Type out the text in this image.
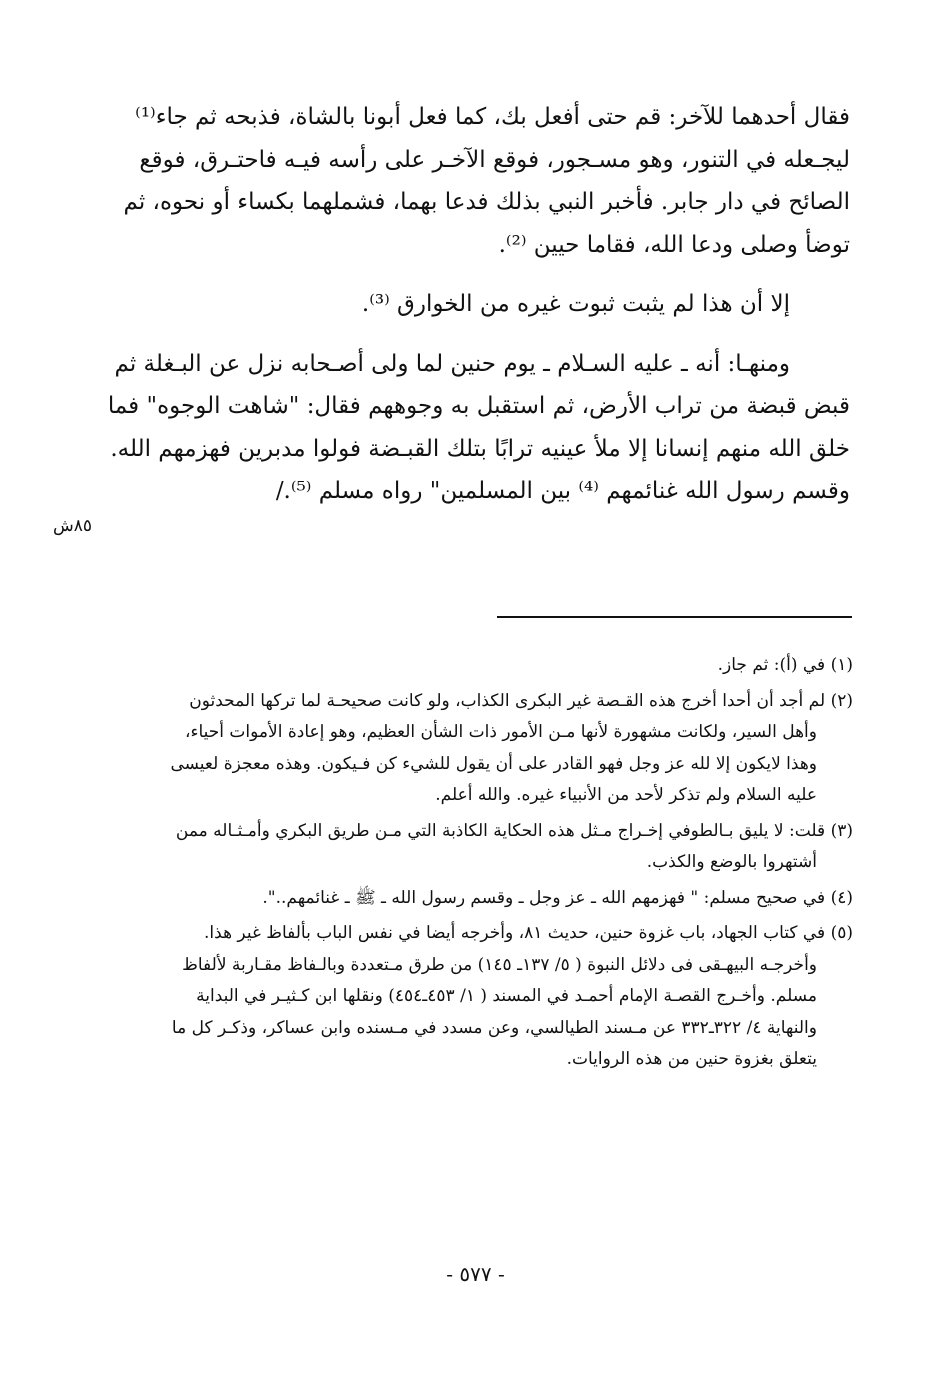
فقال أحدهما للآخر: قم حتى أفعل بك، كما فعل أبونا بالشاة، فذبحه ثم جاء⁽¹⁾
ليجـعله في التنور، وهو مسـجور، فوقع الآخـر على رأسه فيـه فاحتـرق، فوقع
الصائح في دار جابر. فأخبر النبي بذلك فدعا بهما، فشملهما بكساء أو نحوه، ثم
توضأ وصلى ودعا الله، فقاما حيين ⁽²⁾.
إلا أن هذا لم يثبت ثبوت غيره من الخوارق ⁽³⁾.
ومنهـا: أنه ـ عليه السـلام ـ يوم حنين لما ولى أصـحابه نزل عن البـغلة ثم
قبض قبضة من تراب الأرض، ثم استقبل به وجوههم فقال: "شاهت الوجوه" فما
خلق الله منهم إنسانا إلا ملأ عينيه ترابًا بتلك القبـضة فولوا مدبرين فهزمهم الله.
وقسم رسول الله غنائمهم ⁽⁴⁾ بين المسلمين" رواه مسلم ⁽⁵⁾./
٨٥ش
(١) في (أ): ثم جاز.
(٢) لم أجد أن أحدا أخرج هذه القـصة غير البكرى الكذاب، ولو كانت صحيحـة لما تركها المحدثون
وأهل السير، ولكانت مشهورة لأنها مـن الأمور ذات الشأن العظيم، وهو إعادة الأموات أحياء،
وهذا لايكون إلا لله عز وجل فهو القادر على أن يقول للشيء كن فـيكون. وهذه معجزة لعيسى
عليه السلام ولم تذكر لأحد من الأنبياء غيره. والله أعلم.
(٣) قلت: لا يليق بـالطوفي إخـراج مـثل هذه الحكاية الكاذبة التي مـن طريق البكري وأمـثـاله ممن
أشتهروا بالوضع والكذب.
(٤) في صحيح مسلم: " فهزمهم الله ـ عز وجل ـ وقسم رسول الله ـ ﷺ ـ غنائمهم..".
(٥) في كتاب الجهاد، باب غزوة حنين، حديث ٨١، وأخرجه أيضا في نفس الباب بألفاظ غير هذا.
وأخرجـه البيهـقى فى دلائل النبوة ( ٥/ ١٣٧ـ ١٤٥) من طرق مـتعددة وبالـفاظ مقـاربة لألفاظ
مسلم. وأخـرج القصـة الإمام أحمـد في المسند ( ١/ ٤٥٣ـ٤٥٤) ونقلها ابن كـثيـر في البداية
والنهاية ٤/ ٣٢٢ـ٣٣٢ عن مـسند الطيالسي، وعن مسدد في مـسنده وابن عساكر، وذكـر كل ما
يتعلق بغزوة حنين من هذه الروايات.
- ٥٧٧ -
